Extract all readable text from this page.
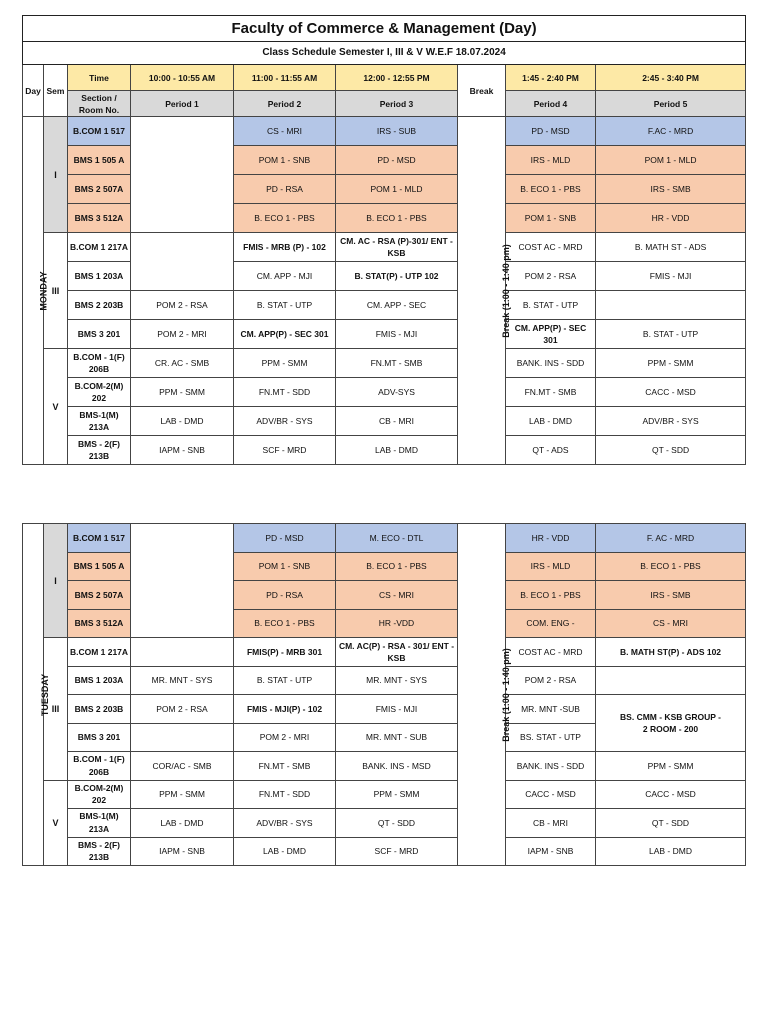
Faculty of Commerce & Management (Day)								
Class Schedule Semester I, III & V W.E.F 18.07.2024								
Day	Sem	Time	10:00 - 10:55 AM	11:00 - 11:55 AM	12:00 - 12:55 PM	Break	1:45 - 2:40 PM	2:45 - 3:40 PM
		Section / Room No.	Period 1	Period 2	Period 3		Period 4	Period 5
MONDAY	I	B.COM 1 517		CS - MRI	IRS - SUB	Break (1:00 - 1:40 pm)	PD - MSD	F.AC - MRD
		BMS 1 505 A		POM 1 - SNB	PD - MSD		IRS - MLD	POM 1 - MLD
		BMS 2 507A		PD - RSA	POM 1 - MLD		B. ECO 1 - PBS	IRS - SMB
		BMS 3 512A		B. ECO 1 - PBS	B. ECO 1 - PBS		POM 1 - SNB	HR - VDD
	III	B.COM 1 217A		FMIS - MRB (P) - 102	CM. AC - RSA (P)-301/ ENT - KSB		COST AC - MRD	B. MATH ST - ADS
		BMS 1 203A		CM. APP - MJI	B. STAT(P) - UTP 102		POM 2 - RSA	FMIS - MJI
		BMS 2 203B	POM 2 - RSA	B. STAT - UTP	CM. APP - SEC		B. STAT - UTP	
		BMS 3 201	POM 2 - MRI	CM. APP(P) - SEC 301	FMIS - MJI		CM. APP(P) - SEC 301	B. STAT - UTP
	V	B.COM - 1(F) 206B	CR. AC - SMB	PPM - SMM	FN.MT - SMB		BANK. INS - SDD	PPM - SMM
		B.COM-2(M) 202	PPM - SMM	FN.MT - SDD	ADV-SYS		FN.MT - SMB	CACC - MSD
		BMS-1(M) 213A	LAB - DMD	ADV/BR - SYS	CB - MRI		LAB - DMD	ADV/BR - SYS
		BMS - 2(F) 213B	IAPM - SNB	SCF - MRD	LAB - DMD		QT - ADS	QT - SDD
TUESDAY	I	B.COM 1 517		PD - MSD	M. ECO - DTL	Break (1:00 - 1:40 pm)	HR - VDD	F. AC - MRD
		BMS 1 505 A		POM 1 - SNB	B. ECO 1 - PBS		IRS - MLD	B. ECO 1 - PBS
		BMS 2 507A		PD - RSA	CS - MRI		B. ECO 1 - PBS	IRS - SMB
		BMS 3 512A		B. ECO 1 - PBS	HR -VDD		COM. ENG -	CS - MRI
	III	B.COM 1 217A		FMIS(P) - MRB 301	CM. AC(P) - RSA - 301/ ENT - KSB		COST AC - MRD	B. MATH ST(P) - ADS 102
		BMS 1 203A	MR. MNT - SYS	B. STAT - UTP	MR. MNT - SYS		POM 2 - RSA	
		BMS 2 203B	POM 2 - RSA	FMIS - MJI(P) - 102	FMIS - MJI		MR. MNT -SUB	BS. CMM - KSB GROUP - 2 ROOM - 200
		BMS 3 201		POM 2 - MRI	MR. MNT - SUB		BS. STAT - UTP	
		B.COM - 1(F) 206B	COR/AC - SMB	FN.MT - SMB	BANK. INS - MSD		BANK. INS - SDD	PPM - SMM
	V	B.COM-2(M) 202	PPM - SMM	FN.MT - SDD	PPM - SMM		CACC - MSD	CACC - MSD
		BMS-1(M) 213A	LAB - DMD	ADV/BR - SYS	QT - SDD		CB - MRI	QT - SDD
		BMS - 2(F) 213B	IAPM - SNB	LAB - DMD	SCF - MRD		IAPM - SNB	LAB - DMD
